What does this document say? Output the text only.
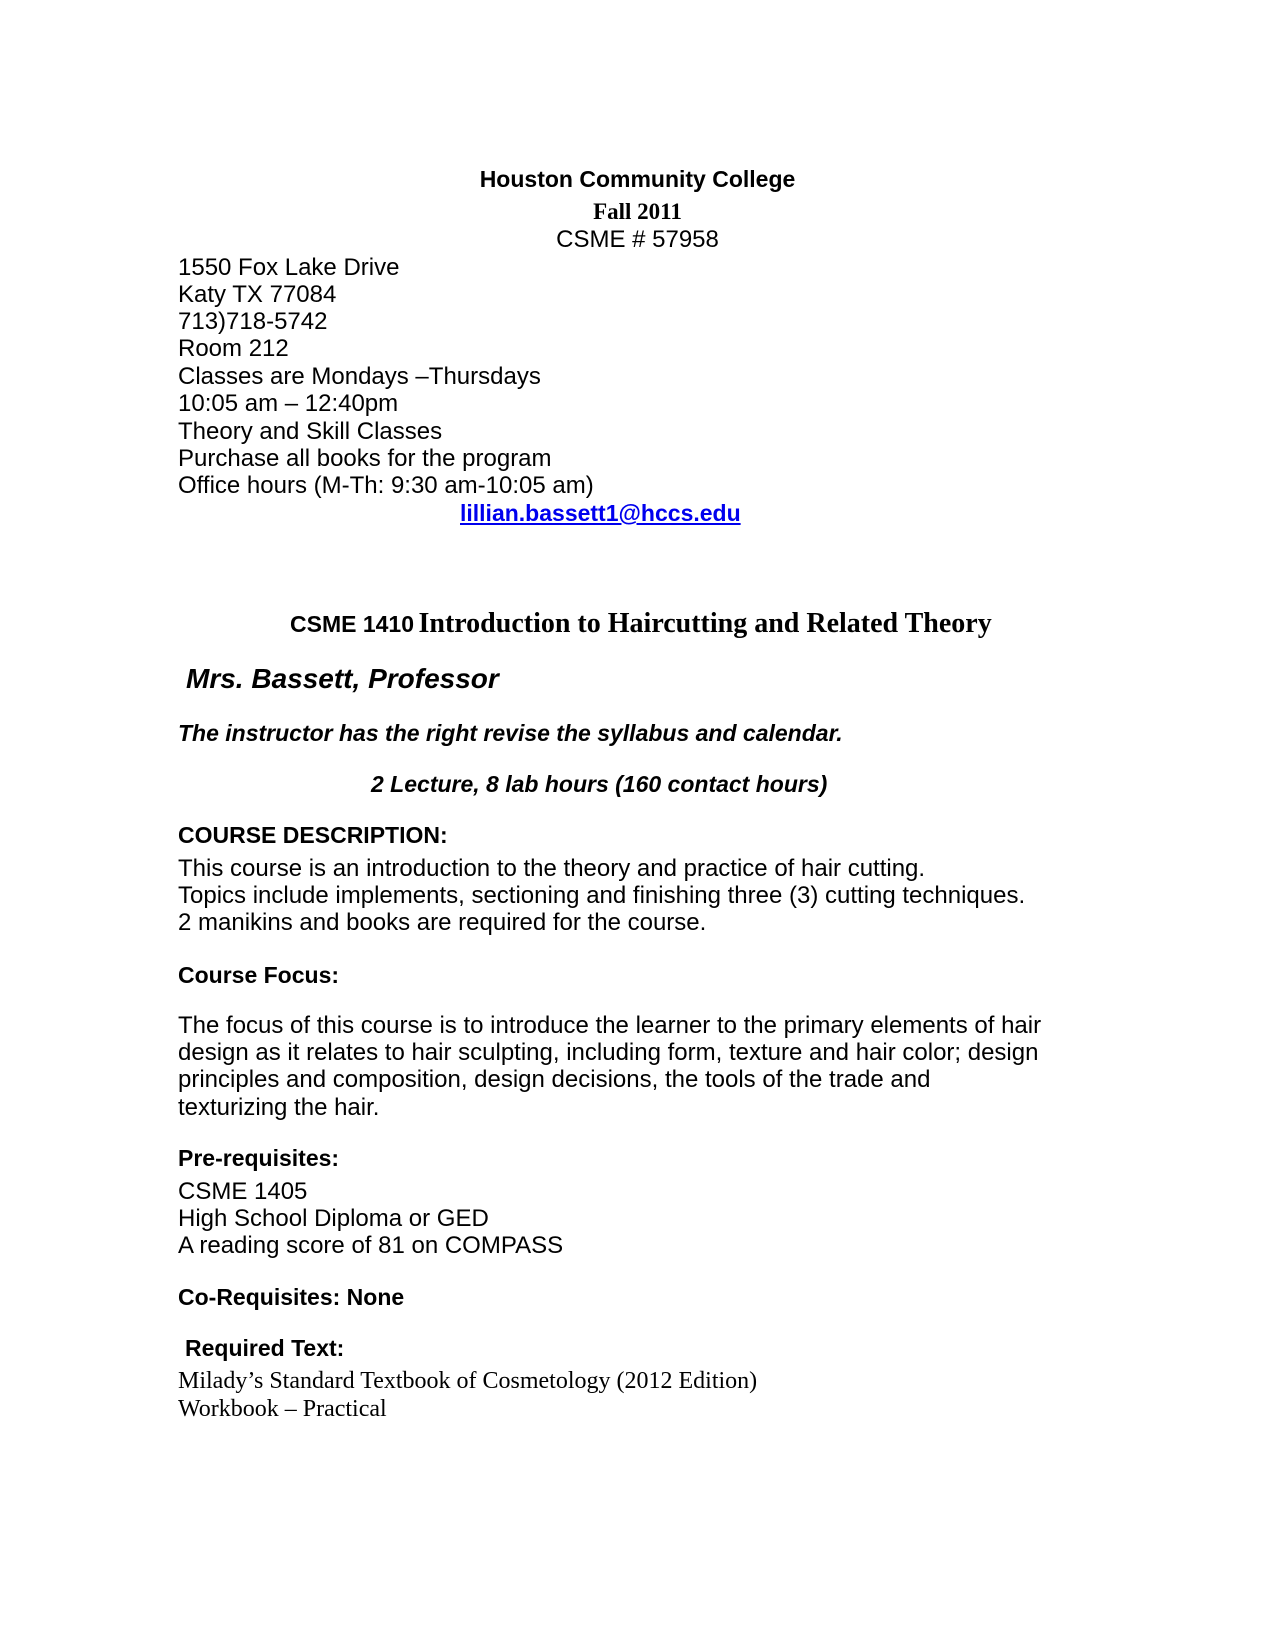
Houston Community College
Fall 2011
CSME # 57958
1550 Fox Lake Drive
Katy TX 77084
713)718-5742
Room 212
Classes are Mondays –Thursdays
10:05 am – 12:40pm
Theory and Skill Classes
Purchase all books for the program
Office hours (M-Th: 9:30 am-10:05 am)
lillian.bassett1@hccs.edu
CSME 1410 Introduction to Haircutting and Related Theory
Mrs. Bassett, Professor
The instructor has the right revise the syllabus and calendar.
2 Lecture, 8 lab hours (160 contact hours)
COURSE DESCRIPTION:
This course is an introduction to the theory and practice of hair cutting.
Topics include implements, sectioning and finishing three (3) cutting techniques.
2 manikins and books are required for the course.
Course Focus:
The focus of this course is to introduce the learner to the primary elements of hair
design as it relates to hair sculpting, including form, texture and hair color; design
principles and composition, design decisions, the tools of the trade and
texturizing the hair.
Pre-requisites:
CSME 1405
High School Diploma or GED
A reading score of 81 on COMPASS
Co-Requisites: None
Required Text:
Milady’s Standard Textbook of Cosmetology (2012 Edition)
Workbook – Practical
